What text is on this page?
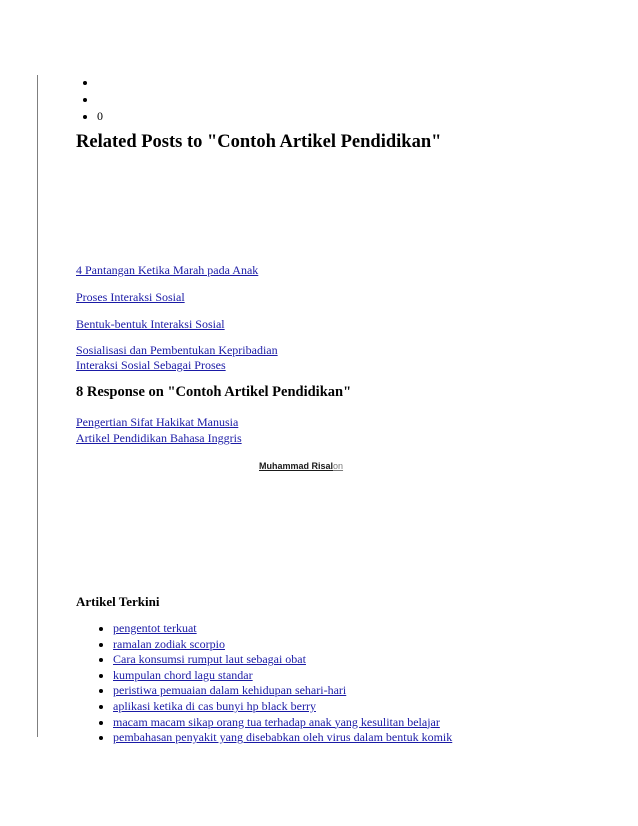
•
•
• 0
Related Posts to "Contoh Artikel Pendidikan"
4 Pantangan Ketika Marah pada Anak
Proses Interaksi Sosial
Bentuk-bentuk Interaksi Sosial
Sosialisasi dan Pembentukan Kepribadian
Interaksi Sosial Sebagai Proses
8 Response on "Contoh Artikel Pendidikan"
Pengertian Sifat Hakikat Manusia
Artikel Pendidikan Bahasa Inggris
Muhammad Risalon
Artikel Terkini
• pengentot terkuat
• ramalan zodiak scorpio
• Cara konsumsi rumput laut sebagai obat
• kumpulan chord lagu standar
• peristiwa pemuaian dalam kehidupan sehari-hari
• aplikasi ketika di cas bunyi hp black berry
• macam macam sikap orang tua terhadap anak yang kesulitan belajar
• pembahasan penyakit yang disebabkan oleh virus dalam bentuk komik
